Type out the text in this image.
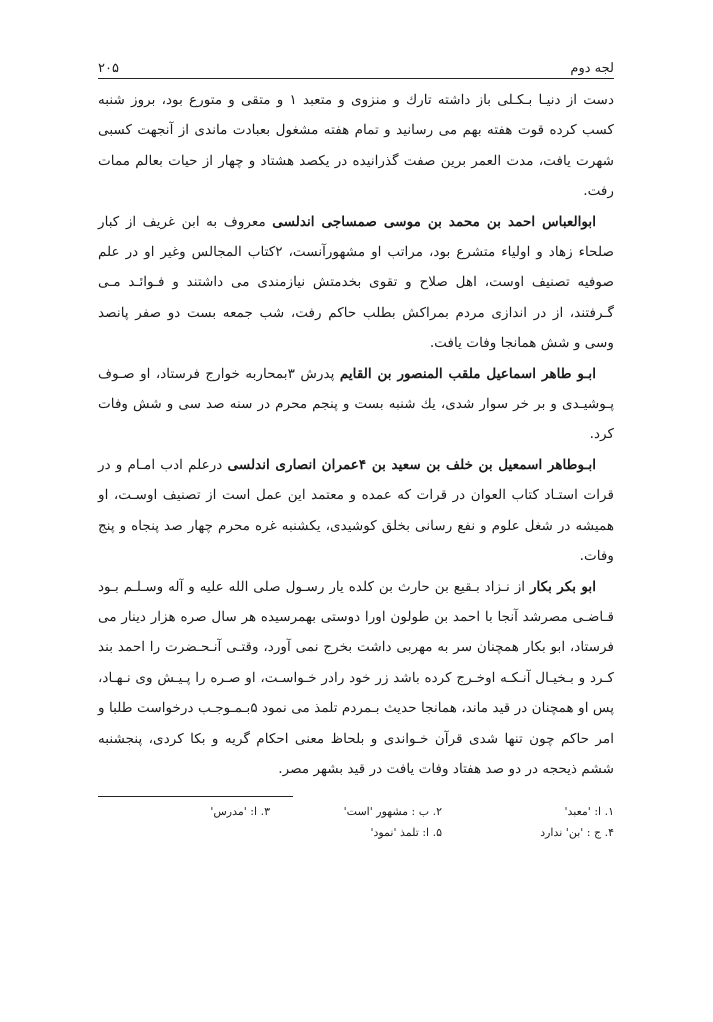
لجه دوم
۲۰۵

دست از دنیـا بـکـلی باز داشته تارك و منزوى و متعبد ۱ و متقى و متورع بود، بروز شنبه کسب کرده قوت هفته بهم می رسانید و تمام هفته مشغول بعبادت ماندی از آنجهت کسبی شهرت یافت، مدت العمر برین صفت گذرانیده در یکصد هشتاد و چهار از حیات بعالم ممات رفت.

ابوالعباس احمد بن محمد بن موسى صمساجی اندلسی معروف به ابن غریف از کبار صلحاء زهاد و اولیاء متشرع بود، مراتب او مشهورآنست، ۲کتاب المجالس وغیر او در علم صوفیه تصنیف اوست، اهل صلاح و تقوی بخدمتش نیازمندی می داشتند و فـوائـد مـی گـرفتند، از در اندازی مردم بمراکش بطلب حاکم رفت، شب جمعه بست دو صفر پانصد وسی و شش همانجا وفات یافت.

ابـو طاهر اسماعیل ملقب المنصور بن القایم پدرش ۳بمحاربه خوارج فرستاد، او صـوف پـوشیـدی و بر خر سوار شدی، یك شنبه بست و پنجم محرم در سنه صد سی و شش وفات کرد.

ابـوطاهر اسمعیل بن خلف بن سعید بن ۴عمران انصاری اندلسی درعلم ادب امـام و در قرات استـاد کتاب العوان در قرات که عمده و معتمد این عمل است از تصنیف اوسـت، او همیشه در شغل علوم و نفع رسانی بخلق کوشیدی، یکشنبه غره محرم چهار صد پنجاه و پنج وفات.

ابو بکر بکار از نـزاد بـقیع بن حارث بن کلده یار رسـول صلی الله علیه و آله وسـلـم بـود قـاضـی مصرشد آنجا با احمد بن طولون اورا دوستی بهمرسیده هر سال صره هزار دینار می فرستاد، ابو بکار همچنان سر به مهربی داشت بخرج نمی آورد، وقتـی آنـحـضرت را احمد بند کـرد و بـخیـال آنـکـه اوخـرج کرده باشد زر خود رادر خـواسـت، او صـره را پـیـش وی نـهـاد، پس او همچنان در قید ماند، همانجا حدیث بـمردم تلمذ می نمود ۵بـمـوجـب درخواست طلبا و امر حاکم چون تنها شدی قرآن خـواندی و بلحاظ معنی احکام گریه و بکا کردی، پنجشنبه ششم ذیحجه در دو صد هفتاد وفات یافت در قید بشهر مصر.

۱. ا: 'معبد'
۲. ب : مشهور 'است'
۳. ا: 'مدرس'
۴. ج : 'بن' ندارد
۵. ا: تلمذ 'نمود'
